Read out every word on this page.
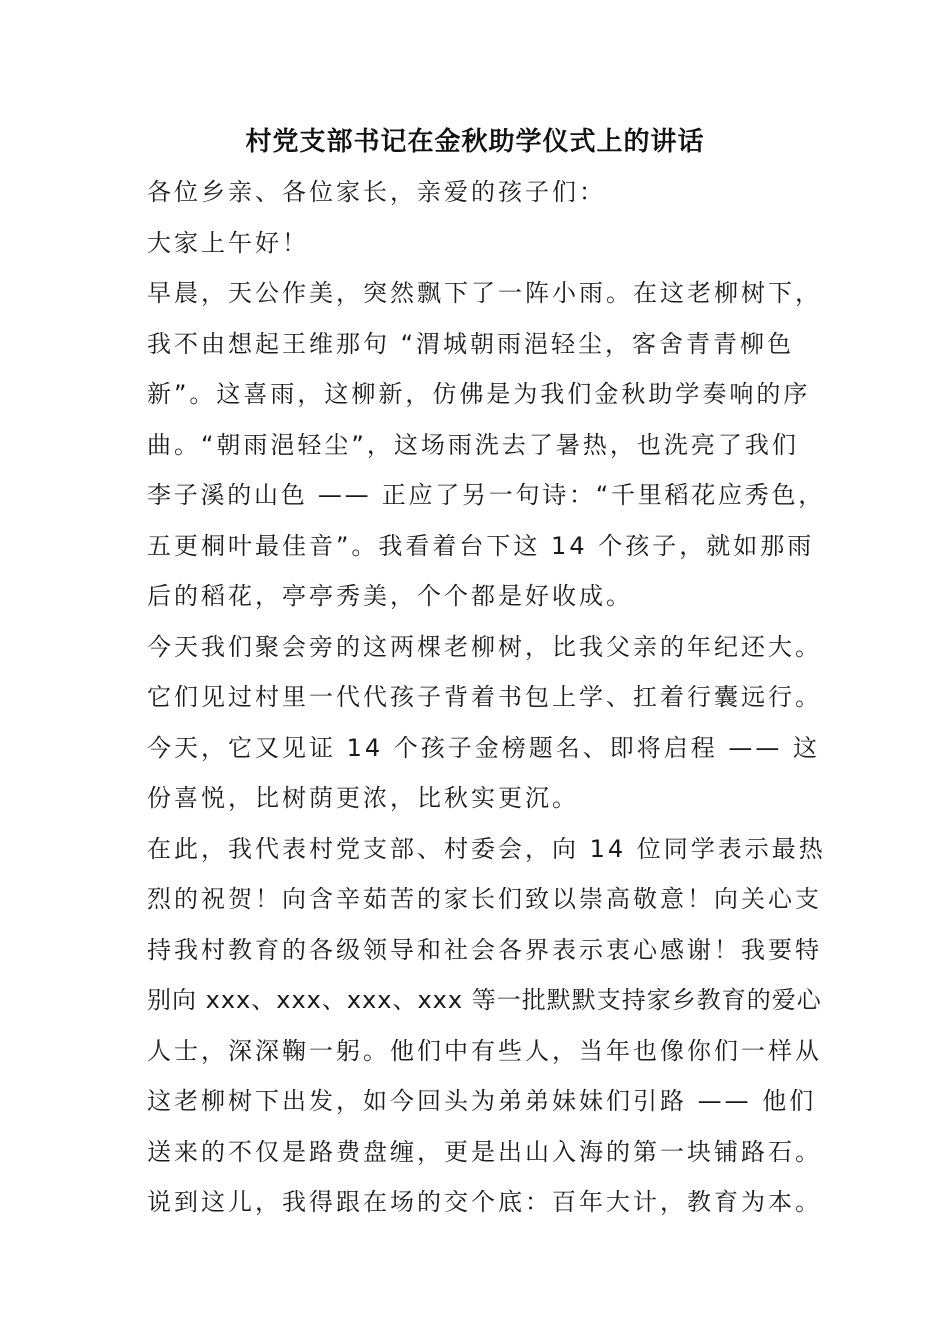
村党支部书记在金秋助学仪式上的讲话
各位乡亲、各位家长，亲爱的孩子们：
大家上午好！
早晨，天公作美，突然飘下了一阵小雨。在这老柳树下，
我不由想起王维那句 “渭城朝雨浥轻尘，客舍青青柳色
新”。这喜雨，这柳新，仿佛是为我们金秋助学奏响的序
曲。“朝雨浥轻尘”，这场雨洗去了暑热，也洗亮了我们
李子溪的山色 —— 正应了另一句诗：“千里稻花应秀色，
五更桐叶最佳音”。我看着台下这 14 个孩子，就如那雨
后的稻花，亭亭秀美，个个都是好收成。
今天我们聚会旁的这两棵老柳树，比我父亲的年纪还大。
它们见过村里一代代孩子背着书包上学、扛着行囊远行。
今天，它又见证 14 个孩子金榜题名、即将启程 —— 这
份喜悦，比树荫更浓，比秋实更沉。
在此，我代表村党支部、村委会，向 14 位同学表示最热
烈的祝贺！向含辛茹苦的家长们致以崇高敬意！向关心支
持我村教育的各级领导和社会各界表示衷心感谢！我要特
别向 xxx、xxx、xxx、xxx 等一批默默支持家乡教育的爱心
人士，深深鞠一躬。他们中有些人，当年也像你们一样从
这老柳树下出发，如今回头为弟弟妹妹们引路 —— 他们
送来的不仅是路费盘缠，更是出山入海的第一块铺路石。
说到这儿，我得跟在场的交个底：百年大计，教育为本。
